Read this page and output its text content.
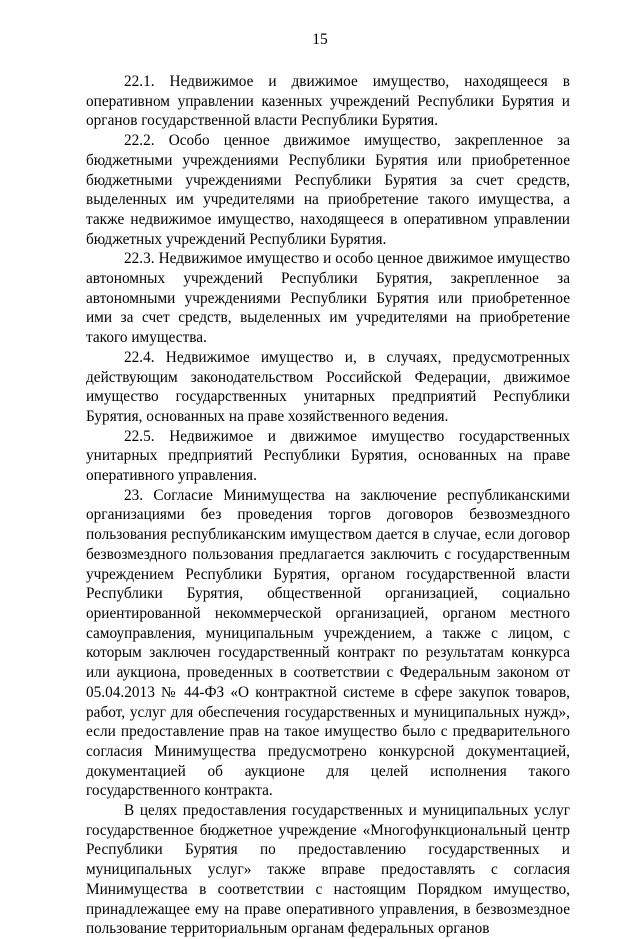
15

22.1. Недвижимое и движимое имущество, находящееся в оперативном управлении казенных учреждений Республики Бурятия и органов государственной власти Республики Бурятия.

22.2. Особо ценное движимое имущество, закрепленное за бюджетными учреждениями Республики Бурятия или приобретенное бюджетными учреждениями Республики Бурятия за счет средств, выделенных им учредителями на приобретение такого имущества, а также недвижимое имущество, находящееся в оперативном управлении бюджетных учреждений Республики Бурятия.

22.3. Недвижимое имущество и особо ценное движимое имущество автономных учреждений Республики Бурятия, закрепленное за автономными учреждениями Республики Бурятия или приобретенное ими за счет средств, выделенных им учредителями на приобретение такого имущества.

22.4. Недвижимое имущество и, в случаях, предусмотренных действующим законодательством Российской Федерации, движимое имущество государственных унитарных предприятий Республики Бурятия, основанных на праве хозяйственного ведения.

22.5. Недвижимое и движимое имущество государственных унитарных предприятий Республики Бурятия, основанных на праве оперативного управления.

23. Согласие Минимущества на заключение республиканскими организациями без проведения торгов договоров безвозмездного пользования республиканским имуществом дается в случае, если договор безвозмездного пользования предлагается заключить с государственным учреждением Республики Бурятия, органом государственной власти Республики Бурятия, общественной организацией, социально ориентированной некоммерческой организацией, органом местного самоуправления, муниципальным учреждением, а также с лицом, с которым заключен государственный контракт по результатам конкурса или аукциона, проведенных в соответствии с Федеральным законом от 05.04.2013 № 44-ФЗ «О контрактной системе в сфере закупок товаров, работ, услуг для обеспечения государственных и муниципальных нужд», если предоставление прав на такое имущество было с предварительного согласия Минимущества предусмотрено конкурсной документацией, документацией об аукционе для целей исполнения такого государственного контракта.

В целях предоставления государственных и муниципальных услуг государственное бюджетное учреждение «Многофункциональный центр Республики Бурятия по предоставлению государственных и муниципальных услуг» также вправе предоставлять с согласия Минимущества в соответствии с настоящим Порядком имущество, принадлежащее ему на праве оперативного управления, в безвозмездное пользование территориальным органам федеральных органов
